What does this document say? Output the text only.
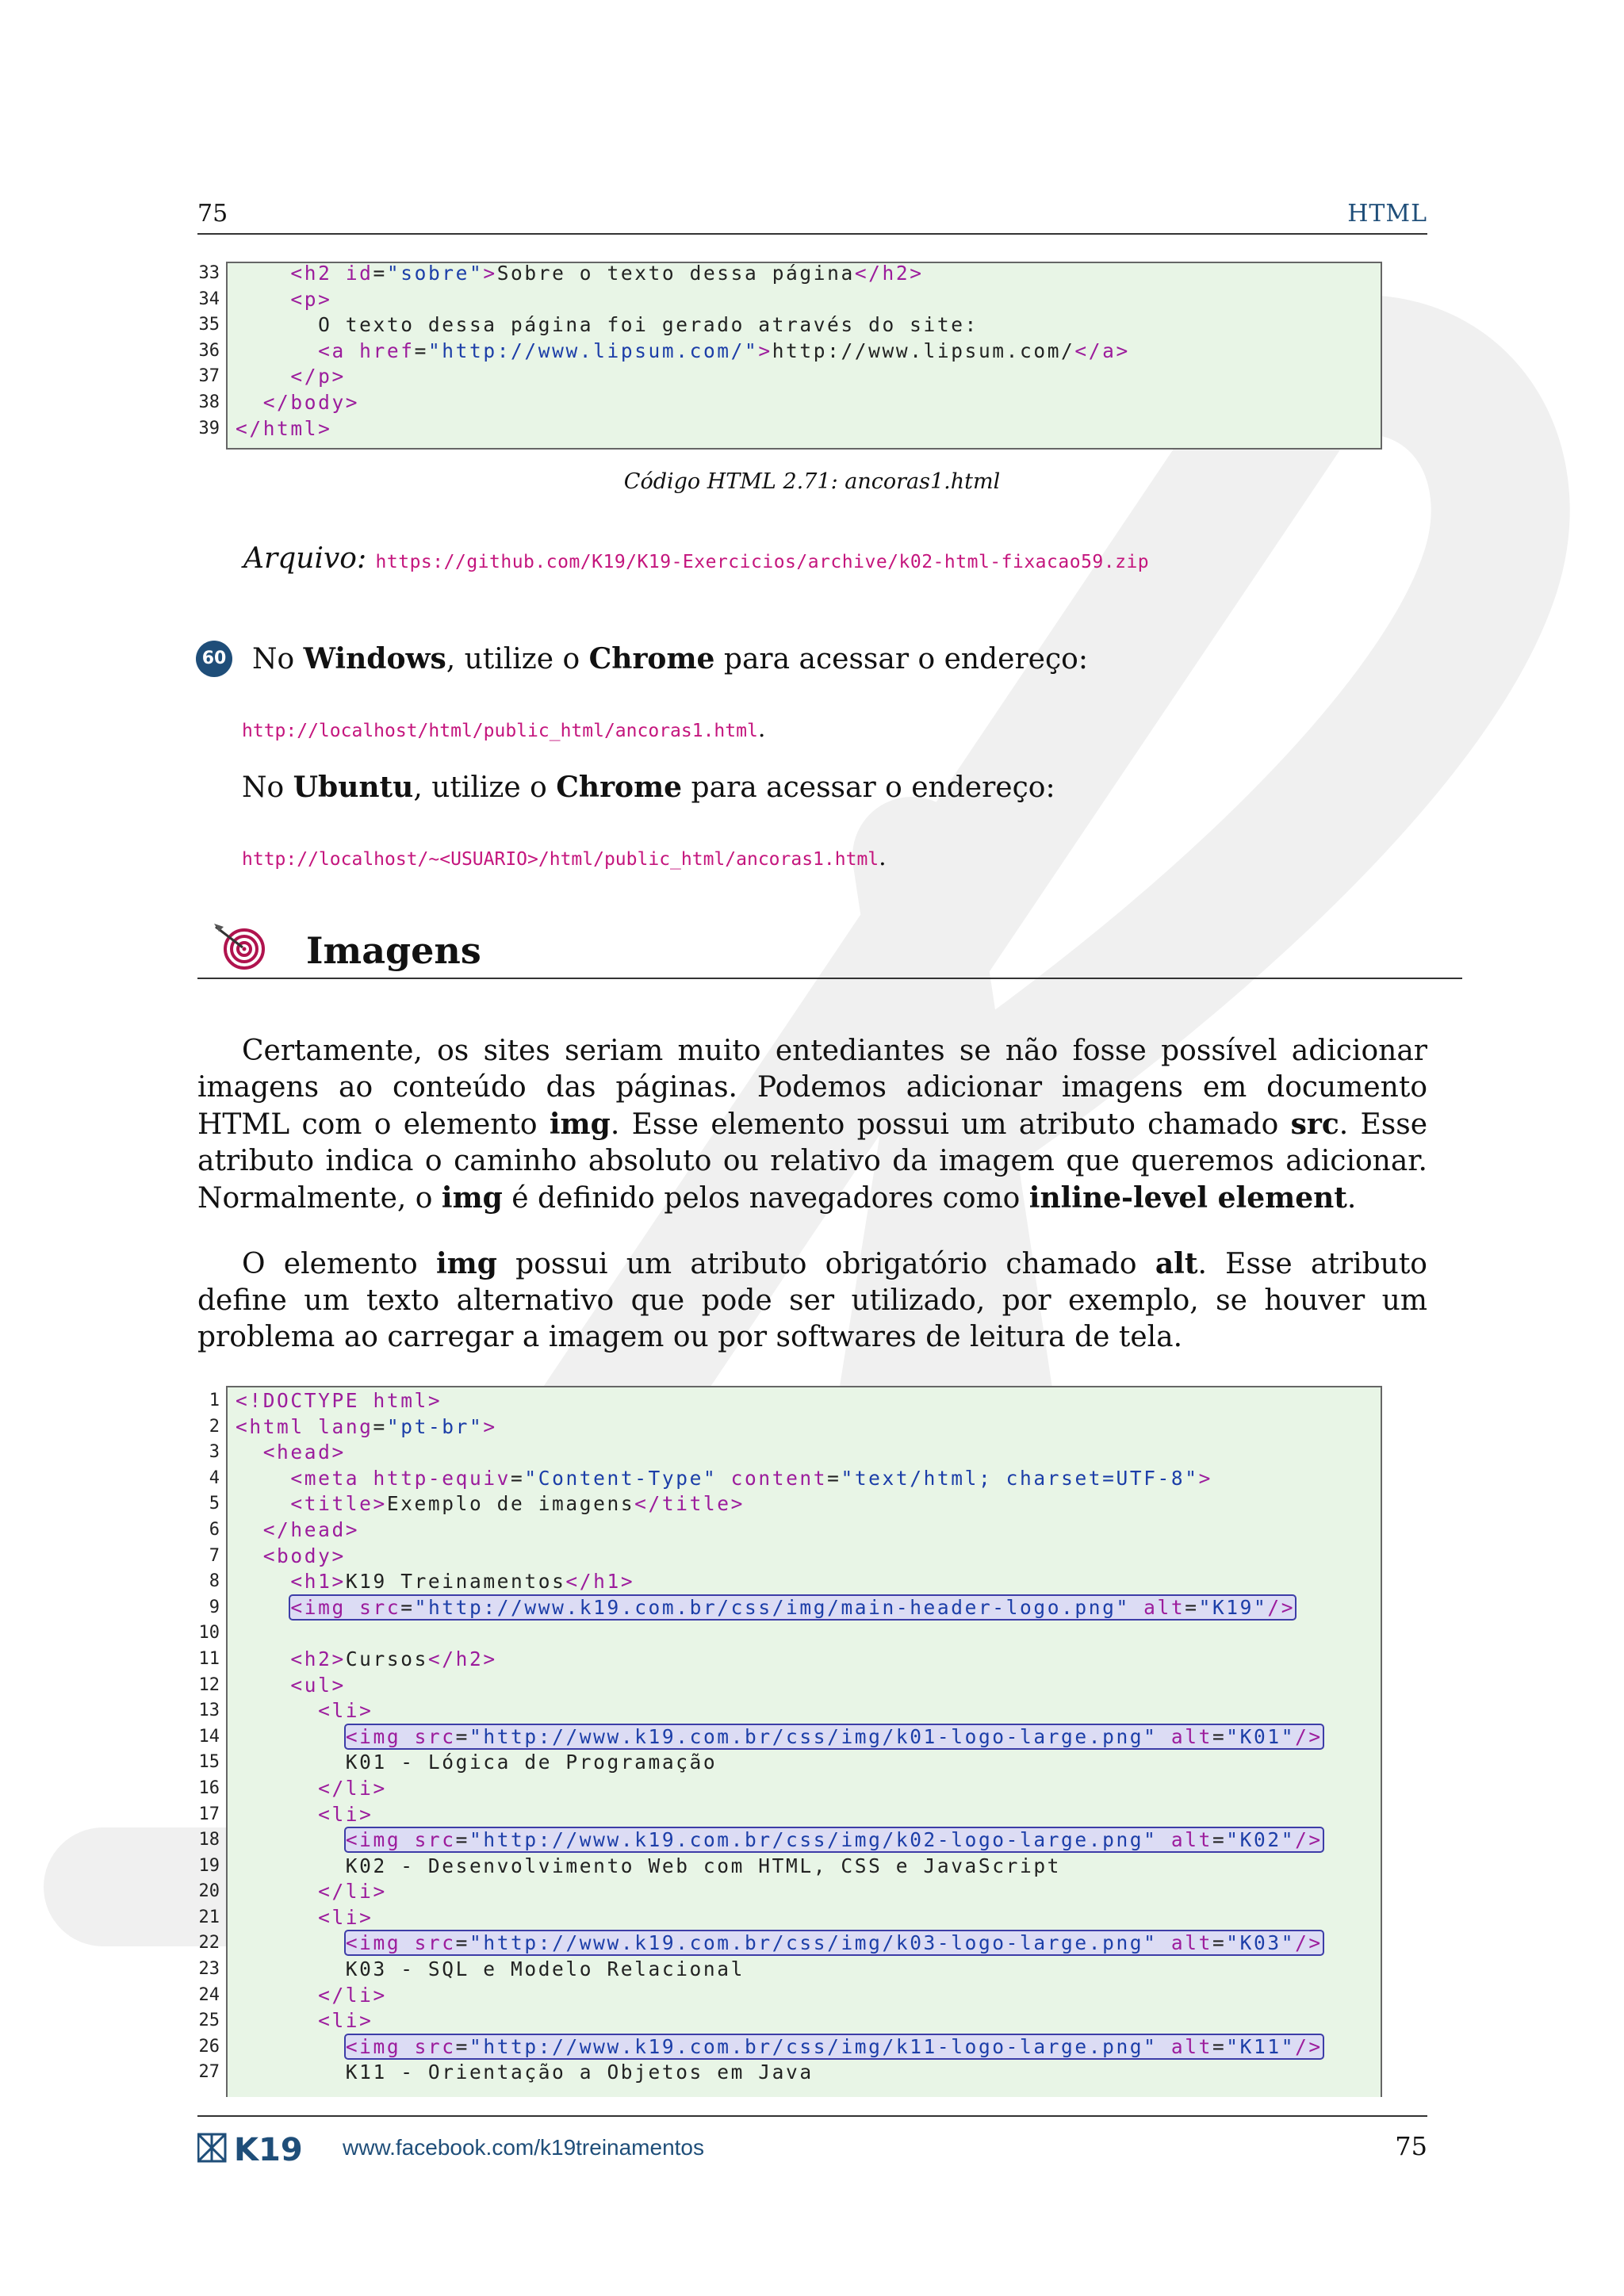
75	HTML
33	<h2 id="sobre">Sobre o texto dessa página</h2>
34	<p>
35 O texto dessa página foi gerado através do site:
36	<a href="http://www.lipsum.com/">http://www.lipsum.com/</a>
37	</p>
38	</body>
39 </html>
Código HTML 2.71: ancoras1.html
Arquivo: https://github.com/K19/K19-Exercicios/archive/k02-html-fixacao59.zip
60 No Windows, utilize o Chrome para acessar o endereço:
http://localhost/html/public_html/ancoras1.html.
No Ubuntu, utilize o Chrome para acessar o endereço:
http://localhost/~<USUARIO>/html/public_html/ancoras1.html.
Imagens

Certamente, os sites seriam muito entediantes se não fosse possível adicionar imagens ao conteúdo das páginas. Podemos adicionar imagens em documento HTML com o elemento img. Esse elemento possui um atributo chamado src. Esse atributo indica o caminho absoluto ou relativo da imagem que queremos adicionar. Normalmente, o img é definido pelos navegadores como inline-level element.

O elemento img possui um atributo obrigatório chamado alt. Esse atributo define um texto alternativo que pode ser utilizado, por exemplo, se houver um problema ao carregar a imagem ou por softwares de leitura de tela.

1 <!DOCTYPE html>
2 <html lang="pt-br">
3	<head>
4	<meta http-equiv="Content-Type" content="text/html; charset=UTF-8">
5	<title>Exemplo de imagens</title>
6	</head>
7	<body>
8	<h1>K19 Treinamentos</h1>
9	<img src="http://www.k19.com.br/css/img/main-header-logo.png" alt="K19"/>
10
11	<h2>Cursos</h2>
12	<ul>
13	<li>
14	<img src="http://www.k19.com.br/css/img/k01-logo-large.png" alt="K01"/>
15 K01 - Lógica de Programação
16	</li>
17	<li>
18	<img src="http://www.k19.com.br/css/img/k02-logo-large.png" alt="K02"/>
19 K02 - Desenvolvimento Web com HTML, CSS e JavaScript
20	</li>
21	<li>
22	<img src="http://www.k19.com.br/css/img/k03-logo-large.png" alt="K03"/>
23 K03 - SQL e Modelo Relacional
24	</li>
25	<li>
26	<img src="http://www.k19.com.br/css/img/k11-logo-large.png" alt="K11"/>
27 K11 - Orientação a Objetos em Java
K19 www.facebook.com/k19treinamentos	75
